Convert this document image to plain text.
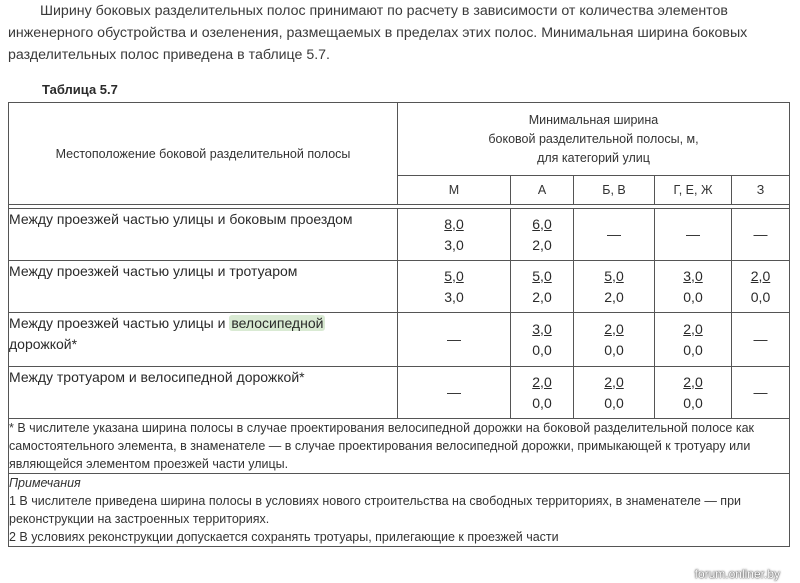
Ширину боковых разделительных полос принимают по расчету в зависимости от количества элементов инженерного обустройства и озеленения, размещаемых в пределах этих полос. Минимальная ширина боковых разделительных полос приведена в таблице 5.7.

Таблица 5.7
Местоположение боковой разделительной полосы	Минимальная ширина
боковой разделительной полосы, м,
для категорий улиц				
	М	А	Б, В	Г, Е, Ж	З

Между проезжей частью улицы и боковым проездом	$\frac{8,0}{3,0}$	$\frac{6,0}{2,0}$	—	—	—
Между проезжей частью улицы и тротуаром	$\frac{5,0}{3,0}$	$\frac{5,0}{2,0}$	$\frac{5,0}{2,0}$	$\frac{3,0}{0,0}$	$\frac{2,0}{0,0}$

Между проезжей частью улицы и велосипедной дорожкой*	—	$\frac{3,0}{0,0}$	$\frac{2,0}{0,0}$	$\frac{2,0}{0,0}$	—
Между тротуаром и велосипедной дорожкой*	—	$\frac{2,0}{0,0}$	$\frac{2,0}{0,0}$	$\frac{2,0}{0,0}$	—
* В числителе указана ширина полосы в случае проектирования велосипедной дорожки на боковой разделительной полосе как самостоятельного элемента, в знаменателе — в случае проектирования велосипедной дорожки, примыкающей к тротуару или являющейся элементом проезжей части улицы.					

Примечания
1 В числителе приведена ширина полосы в условиях нового строительства на свободных территориях, в знаменателе — при реконструкции на застроенных территориях.
2 В условиях реконструкции допускается сохранять тротуары, прилегающие к проезжей части					
forum.onliner.by
